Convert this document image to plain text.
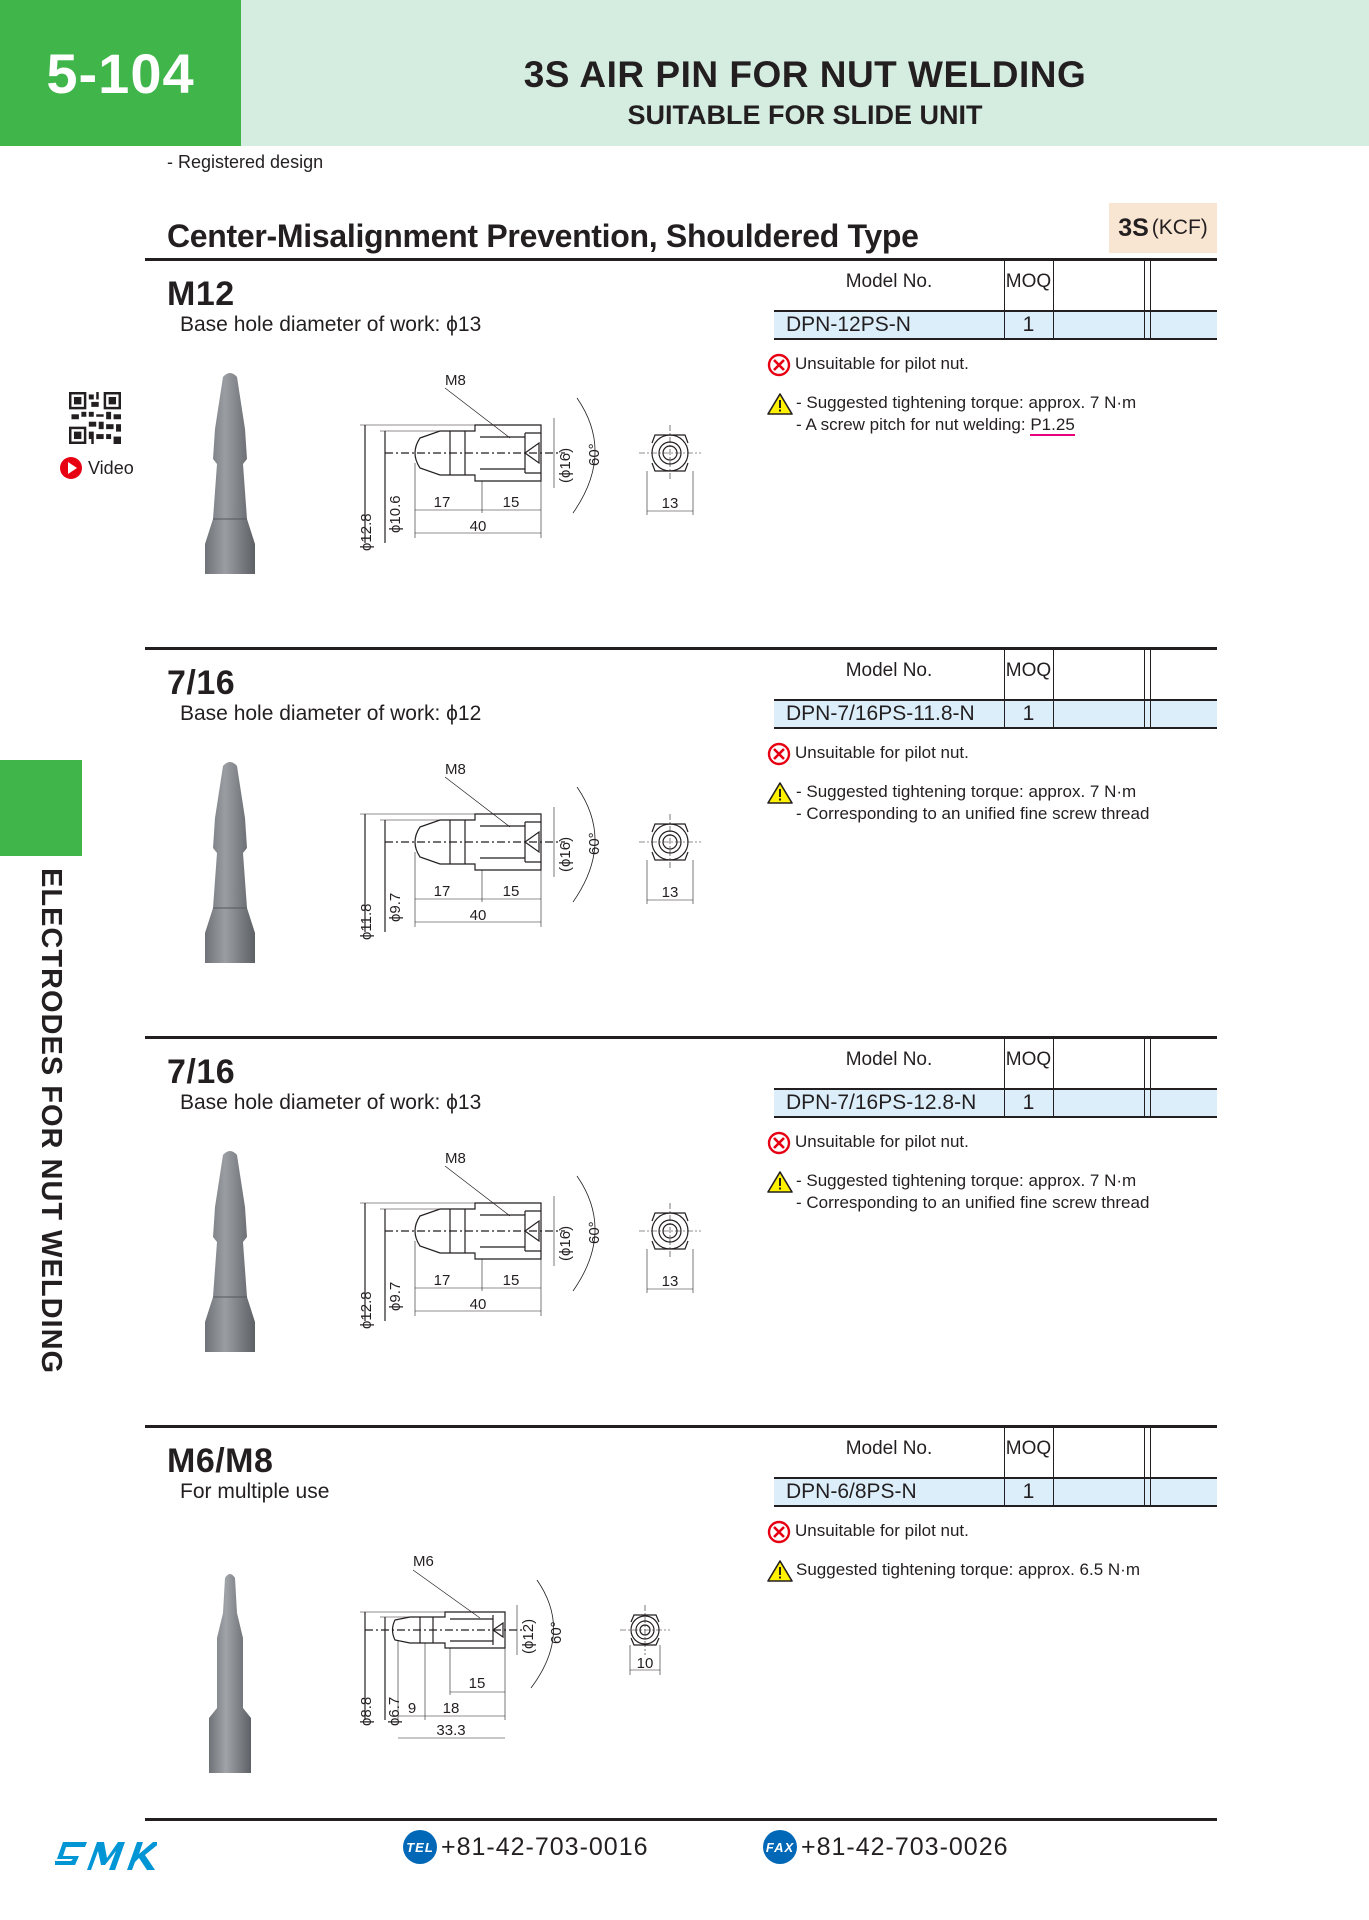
5-104	3S AIR PIN FOR NUT WELDING
SUITABLE FOR SLIDE UNIT
- Registered design
Center-Misalignment Prevention, Shouldered Type	3S (KCF)
Video
ELECTRODES FOR NUT WELDING
M12
Base hole diameter of work: ϕ13
Model No.	MOQ
DPN-12PS-N	1
Unsuitable for pilot nut.
- Suggested tightening torque: approx. 7 N·m
- A screw pitch for nut welding: P1.25
M8
ϕ12.8 ϕ10.6
(ϕ16) 60°
17	15
40
13
7/16
Base hole diameter of work: ϕ12
Model No.	MOQ
DPN-7/16PS-11.8-N	1
Unsuitable for pilot nut.
- Suggested tightening torque: approx. 7 N·m
- Corresponding to an unified fine screw thread
M8
ϕ11.8 ϕ9.7
(ϕ16) 60°
17	15
40
13
7/16
Base hole diameter of work: ϕ13
Model No.	MOQ
DPN-7/16PS-12.8-N	1
Unsuitable for pilot nut.
- Suggested tightening torque: approx. 7 N·m
- Corresponding to an unified fine screw thread
M8
ϕ12.8 ϕ9.7
(ϕ16) 60°
17	15
40
13
M6/M8
For multiple use
Model No.	MOQ
DPN-6/8PS-N	1
Unsuitable for pilot nut.
Suggested tightening torque: approx. 6.5 N·m
M6
ϕ8.8 ϕ6.7
(ϕ12) 60°
15
9 18
33.3
10
TEL +81-42-703-0016	FAX +81-42-703-0026
